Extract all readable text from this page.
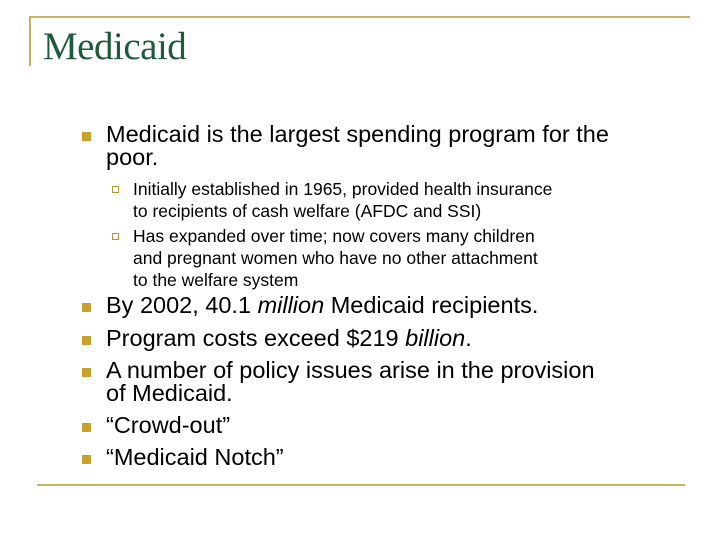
Medicaid
Medicaid is the largest spending program for the
poor.
Initially established in 1965, provided health insurance
to recipients of cash welfare (AFDC and SSI)
Has expanded over time; now covers many children
and pregnant women who have no other attachment
to the welfare system
By 2002, 40.1 million Medicaid recipients.
Program costs exceed $219 billion.
A number of policy issues arise in the provision
of Medicaid.
“Crowd-out”
“Medicaid Notch”
